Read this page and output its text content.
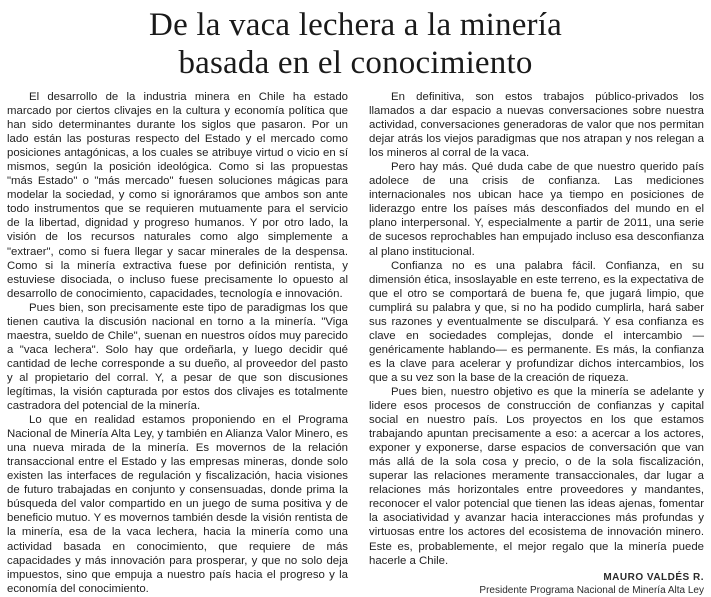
De la vaca lechera a la minería
basada en el conocimiento

El desarrollo de la industria minera en Chile ha estado marcado por ciertos clivajes en la cultura y economía política que han sido determinantes durante los siglos que pasaron. Por un lado están las posturas respecto del Estado y el mercado como posiciones antagónicas, a los cuales se atribuye virtud o vicio en sí mismos, según la posición ideológica. Como si las propuestas "más Estado" o "más mercado" fuesen soluciones mágicas para modelar la sociedad, y como si ignoráramos que ambos son ante todo instrumentos que se requieren mutuamente para el servicio de la libertad, dignidad y progreso humanos. Y por otro lado, la visión de los recursos naturales como algo simplemente a "extraer", como si fuera llegar y sacar minerales de la despensa. Como si la minería extractiva fuese por definición rentista, y estuviese disociada, o incluso fuese precisamente lo opuesto al desarrollo de conocimiento, capacidades, tecnología e innovación.

Pues bien, son precisamente este tipo de paradigmas los que tienen cautiva la discusión nacional en torno a la minería. "Viga maestra, sueldo de Chile", suenan en nuestros oídos muy parecido a "vaca lechera". Solo hay que ordeñarla, y luego decidir qué cantidad de leche corresponde a su dueño, al proveedor del pasto y al propietario del corral. Y, a pesar de que son discusiones legítimas, la visión capturada por estos dos clivajes es totalmente castradora del potencial de la minería.

Lo que en realidad estamos proponiendo en el Programa Nacional de Minería Alta Ley, y también en Alianza Valor Minero, es una nueva mirada de la minería. Es movernos de la relación transaccional entre el Estado y las empresas mineras, donde solo existen las interfaces de regulación y fiscalización, hacia visiones de futuro trabajadas en conjunto y consensuadas, donde prima la búsqueda del valor compartido en un juego de suma positiva y de beneficio mutuo. Y es movernos también desde la visión rentista de la minería, esa de la vaca lechera, hacia la minería como una actividad basada en conocimiento, que requiere de más capacidades y más innovación para prosperar, y que no solo deja impuestos, sino que empuja a nuestro país hacia el progreso y la economía del conocimiento.

En definitiva, son estos trabajos público-privados los llamados a dar espacio a nuevas conversaciones sobre nuestra actividad, conversaciones generadoras de valor que nos permitan dejar atrás los viejos paradigmas que nos atrapan y nos relegan a los mineros al corral de la vaca.

Pero hay más. Qué duda cabe de que nuestro querido país adolece de una crisis de confianza. Las mediciones internacionales nos ubican hace ya tiempo en posiciones de liderazgo entre los países más desconfiados del mundo en el plano interpersonal. Y, especialmente a partir de 2011, una serie de sucesos reprochables han empujado incluso esa desconfianza al plano institucional.

Confianza no es una palabra fácil. Confianza, en su dimensión ética, insoslayable en este terreno, es la expectativa de que el otro se comportará de buena fe, que jugará limpio, que cumplirá su palabra y que, si no ha podido cumplirla, hará saber sus razones y eventualmente se disculpará. Y esa confianza es clave en sociedades complejas, donde el intercambio —genéricamente hablando— es permanente. Es más, la confianza es la clave para acelerar y profundizar dichos intercambios, los que a su vez son la base de la creación de riqueza.

Pues bien, nuestro objetivo es que la minería se adelante y lidere esos procesos de construcción de confianzas y capital social en nuestro país. Los proyectos en los que estamos trabajando apuntan precisamente a eso: a acercar a los actores, exponer y exponerse, darse espacios de conversación que van más allá de la sola cosa y precio, o de la sola fiscalización, superar las relaciones meramente transaccionales, dar lugar a relaciones más horizontales entre proveedores y mandantes, reconocer el valor potencial que tienen las ideas ajenas, fomentar la asociatividad y avanzar hacia interacciones más profundas y virtuosas entre los actores del ecosistema de innovación minero. Este es, probablemente, el mejor regalo que la minería puede hacerle a Chile.

MAURO VALDÉS R.
Presidente Programa Nacional de Minería Alta Ley
